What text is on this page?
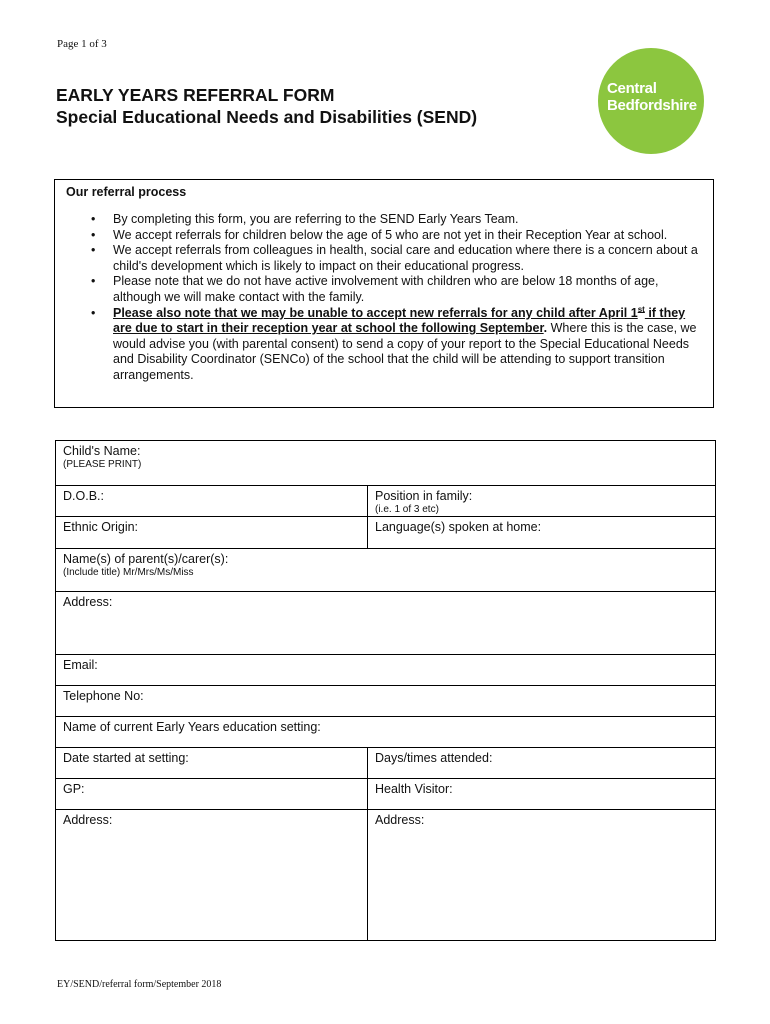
Page 1 of 3
EARLY YEARS REFERRAL FORM
Special Educational Needs and Disabilities (SEND)
Central
Bedfordshire
Our referral process
• By completing this form, you are referring to the SEND Early Years Team.
• We accept referrals for children below the age of 5 who are not yet in their Reception Year at school.
• We accept referrals from colleagues in health, social care and education where there is a concern about a child's development which is likely to impact on their educational progress.
• Please note that we do not have active involvement with children who are below 18 months of age, although we will make contact with the family.
• Please also note that we may be unable to accept new referrals for any child after April 1st if they are due to start in their reception year at school the following September. Where this is the case, we would advise you (with parental consent) to send a copy of your report to the Special Educational Needs and Disability Coordinator (SENCo) of the school that the child will be attending to support transition arrangements.
Child's Name:
(PLEASE PRINT)	

D.O.B.:	Position in family:
(i.e. 1 of 3 etc)

Ethnic Origin:	Language(s) spoken at home:

Name(s) of parent(s)/carer(s):
(Include title) Mr/Mrs/Ms/Miss	

Address:	

Email:	

Telephone No:	

Name of current Early Years education setting:	

Date started at setting:	Days/times attended:

GP:	Health Visitor:

Address:	Address:
EY/SEND/referral form/September 2018
